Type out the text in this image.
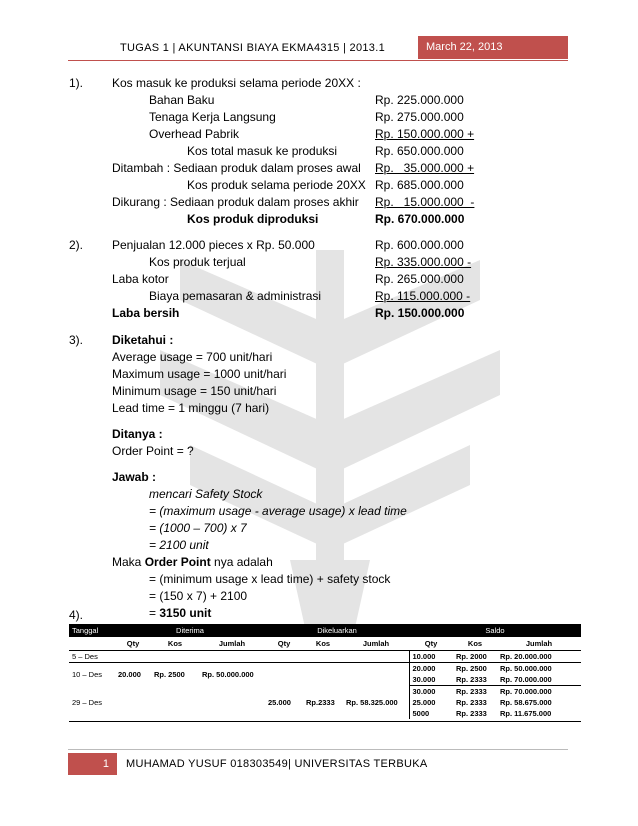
TUGAS 1 | AKUNTANSI BIAYA EKMA4315 | 2013.1	March 22, 2013
1). Kos masuk ke produksi selama periode 20XX :
Bahan Baku	Rp. 225.000.000
Tenaga Kerja Langsung	Rp. 275.000.000
Overhead Pabrik	Rp. 150.000.000 +
Kos total masuk ke produksi	Rp. 650.000.000
Ditambah : Sediaan produk dalam proses awal Rp.   35.000.000 +
Kos produk selama periode 20XX Rp. 685.000.000
Dikurang : Sediaan produk dalam proses akhir Rp.   15.000.000  -
Kos produk diproduksi	Rp. 670.000.000
2). Penjualan 12.000 pieces x Rp. 50.000	Rp. 600.000.000
Kos produk terjual	Rp. 335.000.000 -
Laba kotor	Rp. 265.000.000
Biaya pemasaran & administrasi	Rp. 115.000.000 -
Laba bersih	Rp. 150.000.000
3). Diketahui :
Average usage = 700 unit/hari
Maximum usage = 1000 unit/hari
Minimum usage = 150 unit/hari
Lead time = 1 minggu (7 hari)
Ditanya :
Order Point = ?
Jawab :
mencari Safety Stock
= (maximum usage - average usage) x lead time
= (1000 – 700) x 7
= 2100 unit
Maka Order Point nya adalah
= (minimum usage x lead time) + safety stock
= (150 x 7) + 2100
= 3150 unit
4).
Tanggal	Diterima			Dikeluarkan			Saldo		
	Qty	Kos	Jumlah	Qty	Kos	Jumlah	Qty	Kos	Jumlah
5 – Des							10.000	Rp. 2000	Rp. 20.000.000
10 – Des	20.000	Rp. 2500	Rp. 50.000.000				20.000	Rp. 2500	Rp. 50.000.000
							30.000	Rp. 2333	Rp. 70.000.000
29 – Des				25.000	Rp.2333	Rp. 58.325.000	30.000	Rp. 2333	Rp. 70.000.000
							25.000	Rp. 2333	Rp. 58.675.000
							5000	Rp. 2333	Rp. 11.675.000

1	MUHAMAD YUSUF 018303549| UNIVERSITAS TERBUKA
